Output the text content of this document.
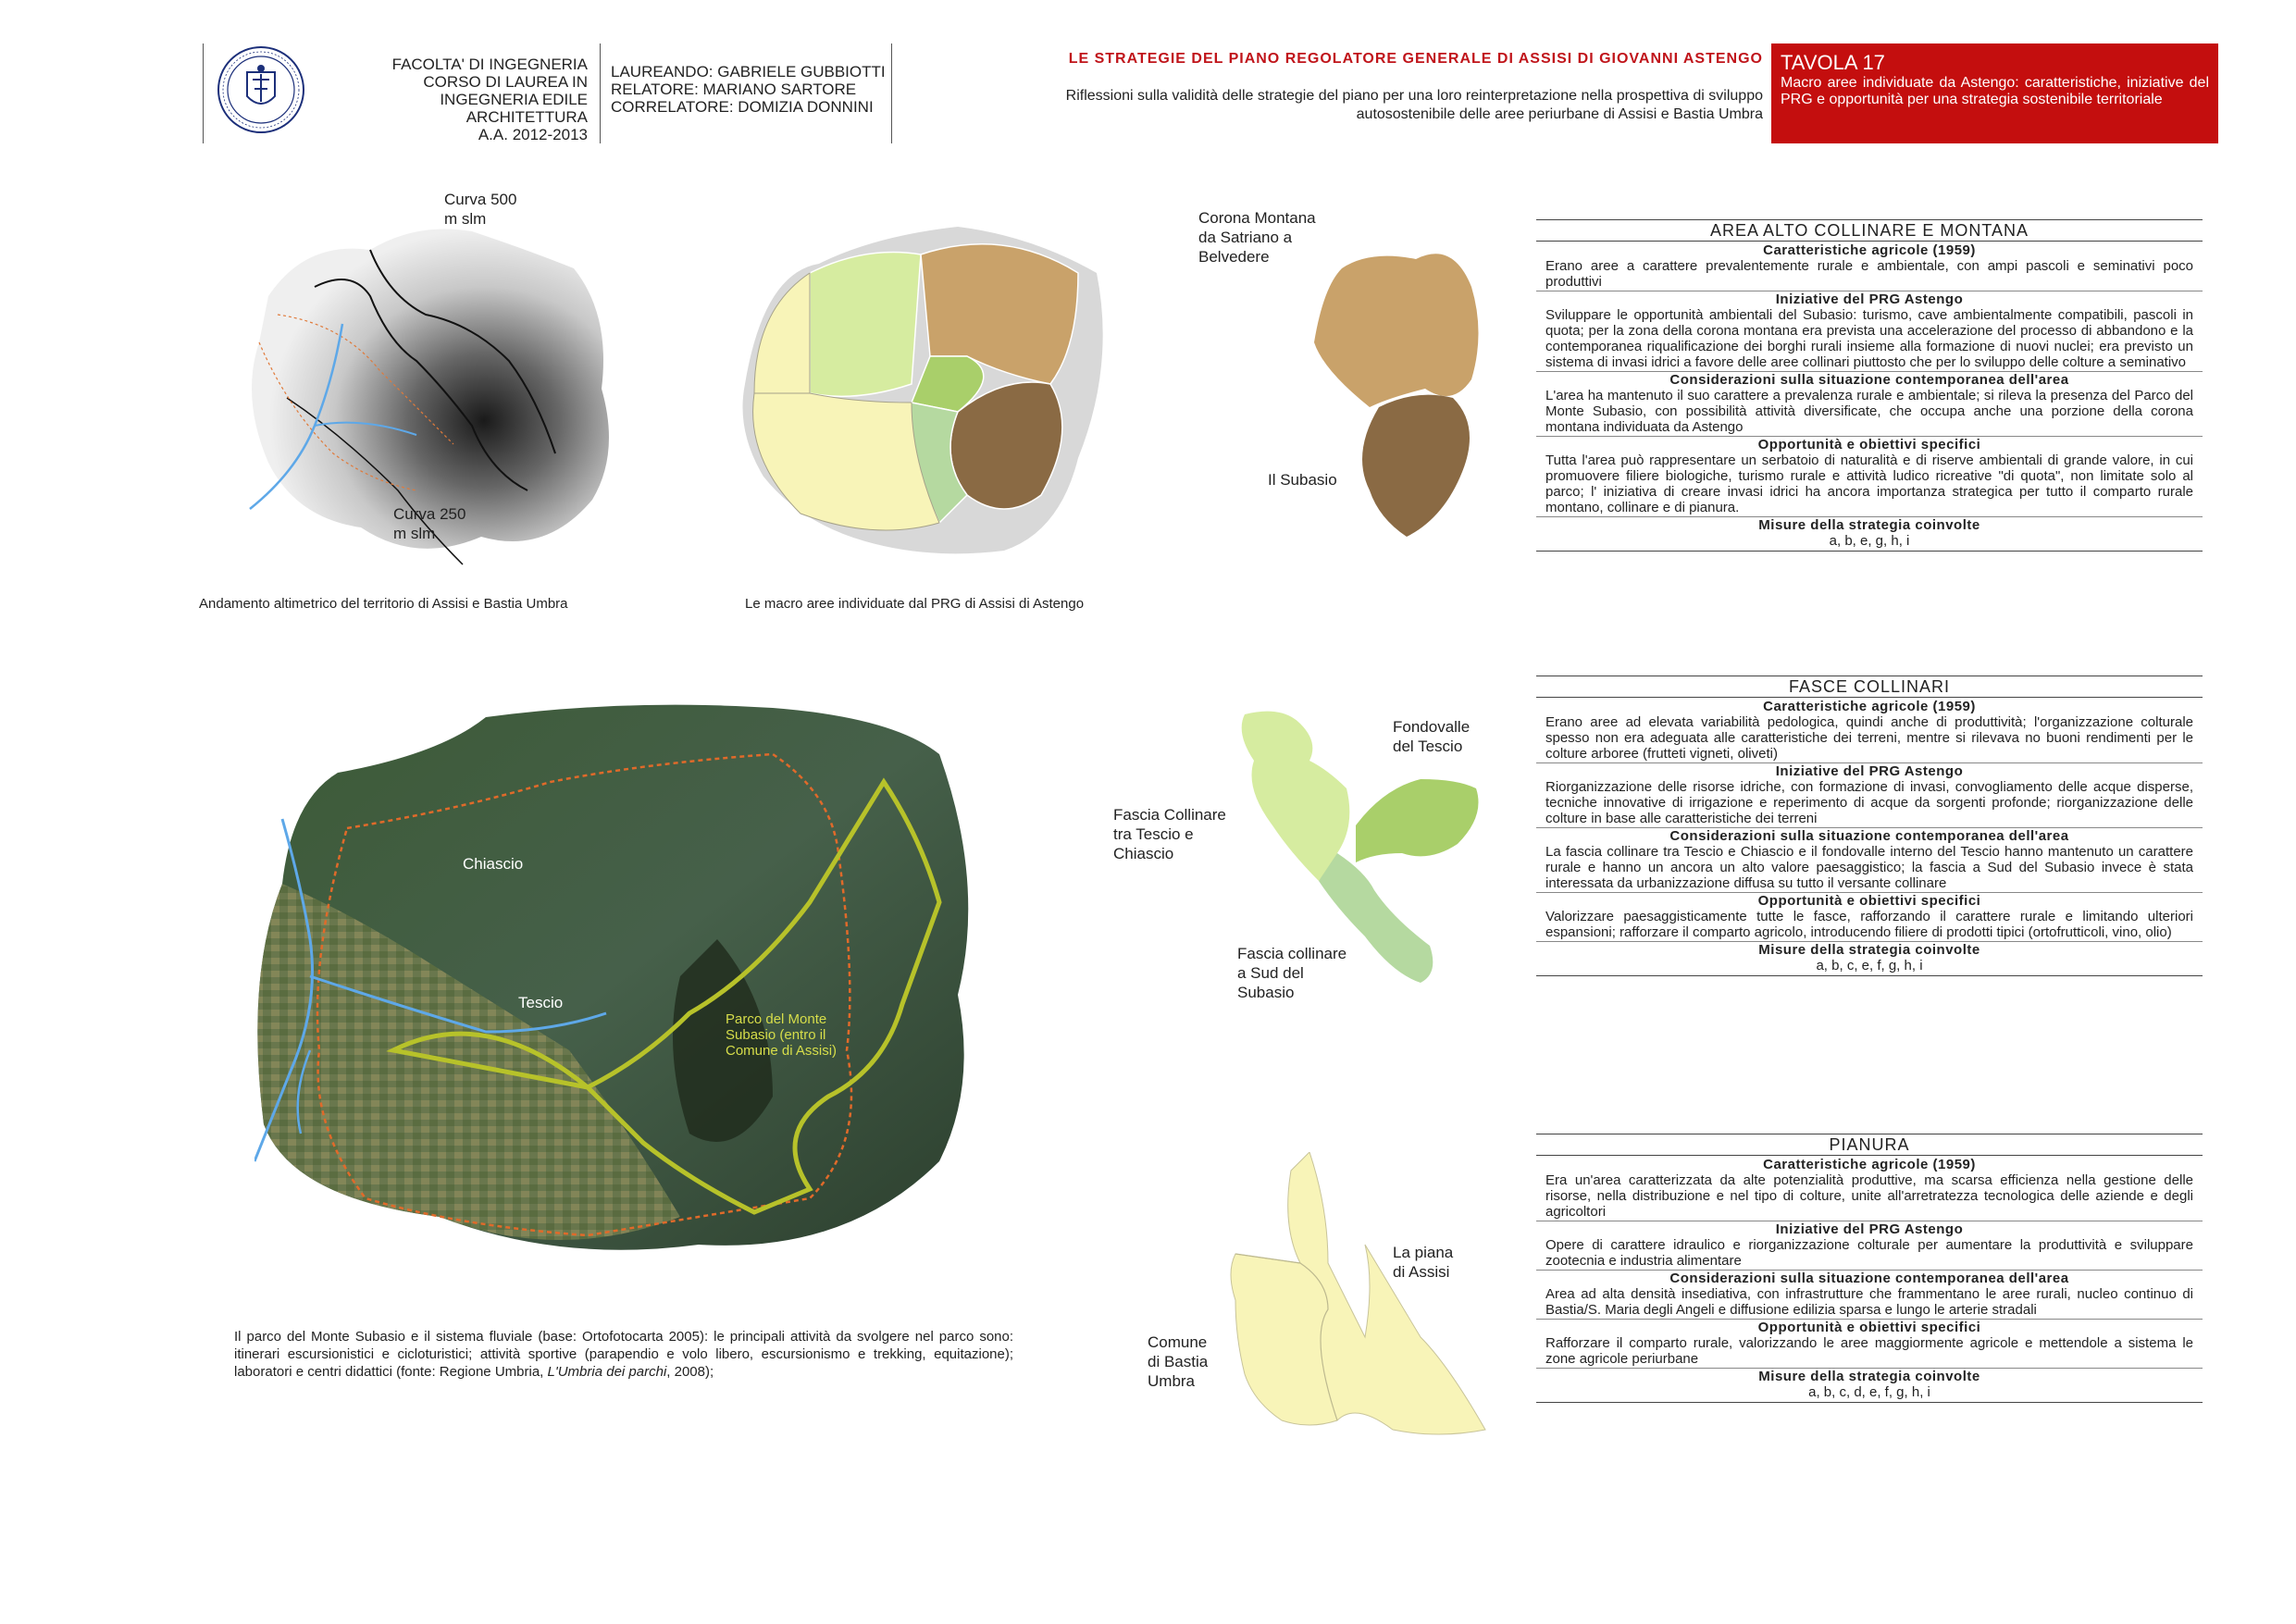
FACOLTA' DI INGEGNERIA
CORSO DI LAUREA IN
INGEGNERIA EDILE ARCHITETTURA
A.A. 2012-2013
LAUREANDO: GABRIELE GUBBIOTTI
RELATORE: MARIANO SARTORE
CORRELATORE: DOMIZIA DONNINI
LE STRATEGIE DEL PIANO REGOLATORE GENERALE DI ASSISI DI GIOVANNI ASTENGO
Riflessioni sulla validità delle strategie del piano per una loro reinterpretazione nella prospettiva di sviluppo
autosostenibile delle aree periurbane di Assisi e Bastia Umbra
TAVOLA 17
Macro aree individuate da Astengo: caratteristiche, iniziative del PRG e opportunità per una strategia sostenibile territoriale
Curva 500
m slm
Curva 250
m slm
Andamento altimetrico del territorio di Assisi e Bastia Umbra	Le macro aree individuate dal PRG di Assisi di Astengo
Corona Montana
da Satriano a
Belvedere
Il Subasio
AREA ALTO COLLINARE E MONTANA
Caratteristiche agricole (1959)
Erano aree a carattere prevalentemente rurale e ambientale, con ampi pascoli e seminativi poco produttivi
Iniziative del PRG Astengo
Sviluppare le opportunità ambientali del Subasio: turismo, cave ambientalmente compatibili, pascoli in quota; per la zona della corona montana era prevista una accelerazione del processo di abbandono e la contemporanea riqualificazione dei borghi rurali insieme alla formazione di nuovi nuclei; era previsto un sistema di invasi idrici a favore delle aree collinari piuttosto che per lo sviluppo delle colture a seminativo
Considerazioni sulla situazione contemporanea dell'area
L'area ha mantenuto il suo carattere a prevalenza rurale e ambientale; si rileva la presenza del Parco del Monte Subasio, con possibilità attività diversificate, che occupa anche una porzione della corona montana individuata da Astengo
Opportunità e obiettivi specifici
Tutta l'area può rappresentare un serbatoio di naturalità e di riserve ambientali di grande valore, in cui promuovere filiere biologiche, turismo rurale e attività ludico ricreative "di quota", non limitate solo al parco; l' iniziativa di creare invasi idrici ha ancora importanza strategica per tutto il comparto rurale montano, collinare e di pianura.
Misure della strategia coinvolte
a, b, e, g, h, i
Chiascio
Tescio
Parco del Monte
Subasio (entro il
Comune di Assisi)
Il parco del Monte Subasio e il sistema fluviale (base: Ortofotocarta 2005): le principali attività da svolgere nel parco sono: itinerari escursionistici e cicloturistici; attività sportive (parapendio e volo libero, escursionismo e trekking, equitazione); laboratori e centri didattici (fonte: Regione Umbria, L'Umbria dei parchi, 2008);
Fondovalle
del Tescio
Fascia Collinare
tra Tescio e
Chiascio
Fascia collinare
a Sud del
Subasio
FASCE COLLINARI
Caratteristiche agricole (1959)
Erano aree ad elevata variabilità pedologica, quindi anche di produttività; l'organizzazione colturale spesso non era adeguata alle caratteristiche dei terreni, mentre si rilevava no buoni rendimenti per le colture arboree (frutteti vigneti, oliveti)
Iniziative del PRG Astengo
Riorganizzazione delle risorse idriche, con formazione di invasi, convogliamento delle acque disperse, tecniche innovative di irrigazione e reperimento di acque da sorgenti profonde; riorganizzazione delle colture in base alle caratteristiche dei terreni
Considerazioni sulla situazione contemporanea dell'area
La fascia collinare tra Tescio e Chiascio e il fondovalle interno del Tescio hanno mantenuto un carattere rurale e hanno un ancora un alto valore paesaggistico; la fascia a Sud del Subasio invece è stata interessata da urbanizzazione diffusa su tutto il versante collinare
Opportunità e obiettivi specifici
Valorizzare paesaggisticamente tutte le fasce, rafforzando il carattere rurale e limitando ulteriori espansioni; rafforzare il comparto agricolo, introducendo filiere di prodotti tipici (ortofrutticoli, vino, olio)
Misure della strategia coinvolte
a, b, c, e, f, g, h, i
La piana
di Assisi
Comune
di Bastia
Umbra
PIANURA
Caratteristiche agricole (1959)
Era un'area caratterizzata da alte potenzialità produttive, ma scarsa efficienza nella gestione delle risorse, nella distribuzione e nel tipo di colture, unite all'arretratezza tecnologica delle aziende e degli agricoltori
Iniziative del PRG Astengo
Opere di carattere idraulico e riorganizzazione colturale per aumentare la produttività e sviluppare zootecnia e industria alimentare
Considerazioni sulla situazione contemporanea dell'area
Area ad alta densità insediativa, con infrastrutture che frammentano le aree rurali, nucleo continuo di Bastia/S. Maria degli Angeli e diffusione edilizia sparsa e lungo le arterie stradali
Opportunità e obiettivi specifici
Rafforzare il comparto rurale, valorizzando le aree maggiormente agricole e mettendole a sistema le zone agricole periurbane
Misure della strategia coinvolte
a, b, c, d, e, f, g, h, i
